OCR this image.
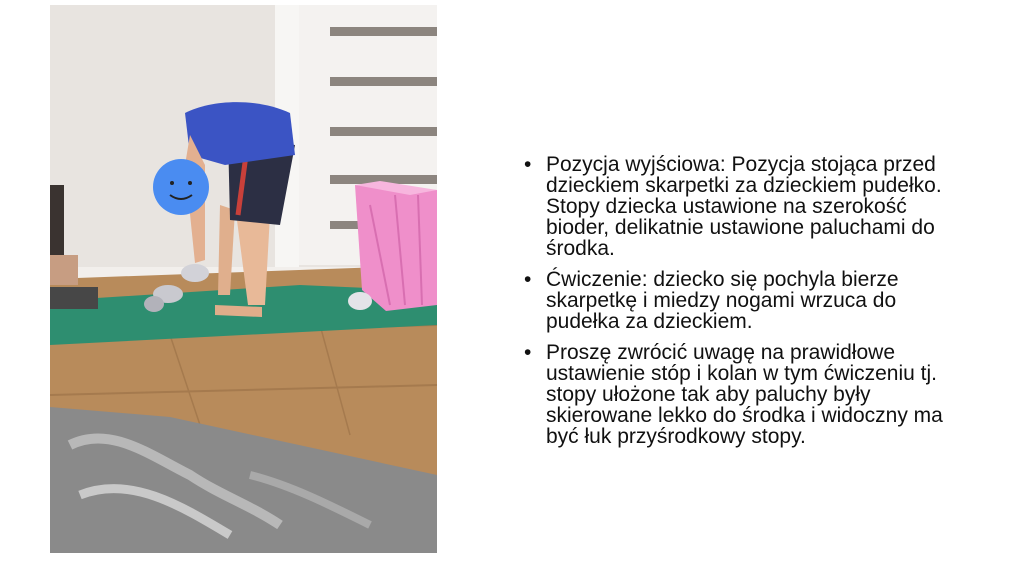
• Pozycja wyjściowa: Pozycja stojąca przed dzieckiem skarpetki za dzieckiem pudełko. Stopy dziecka ustawione na szerokość bioder, delikatnie ustawione paluchami do środka.
• Ćwiczenie: dziecko się pochyla bierze skarpetkę i miedzy nogami wrzuca do pudełka za dzieckiem.
• Proszę zwrócić uwagę na prawidłowe ustawienie stóp i kolan w tym ćwiczeniu tj. stopy ułożone tak aby paluchy były skierowane lekko do środka i widoczny ma być łuk przyśrodkowy stopy.
